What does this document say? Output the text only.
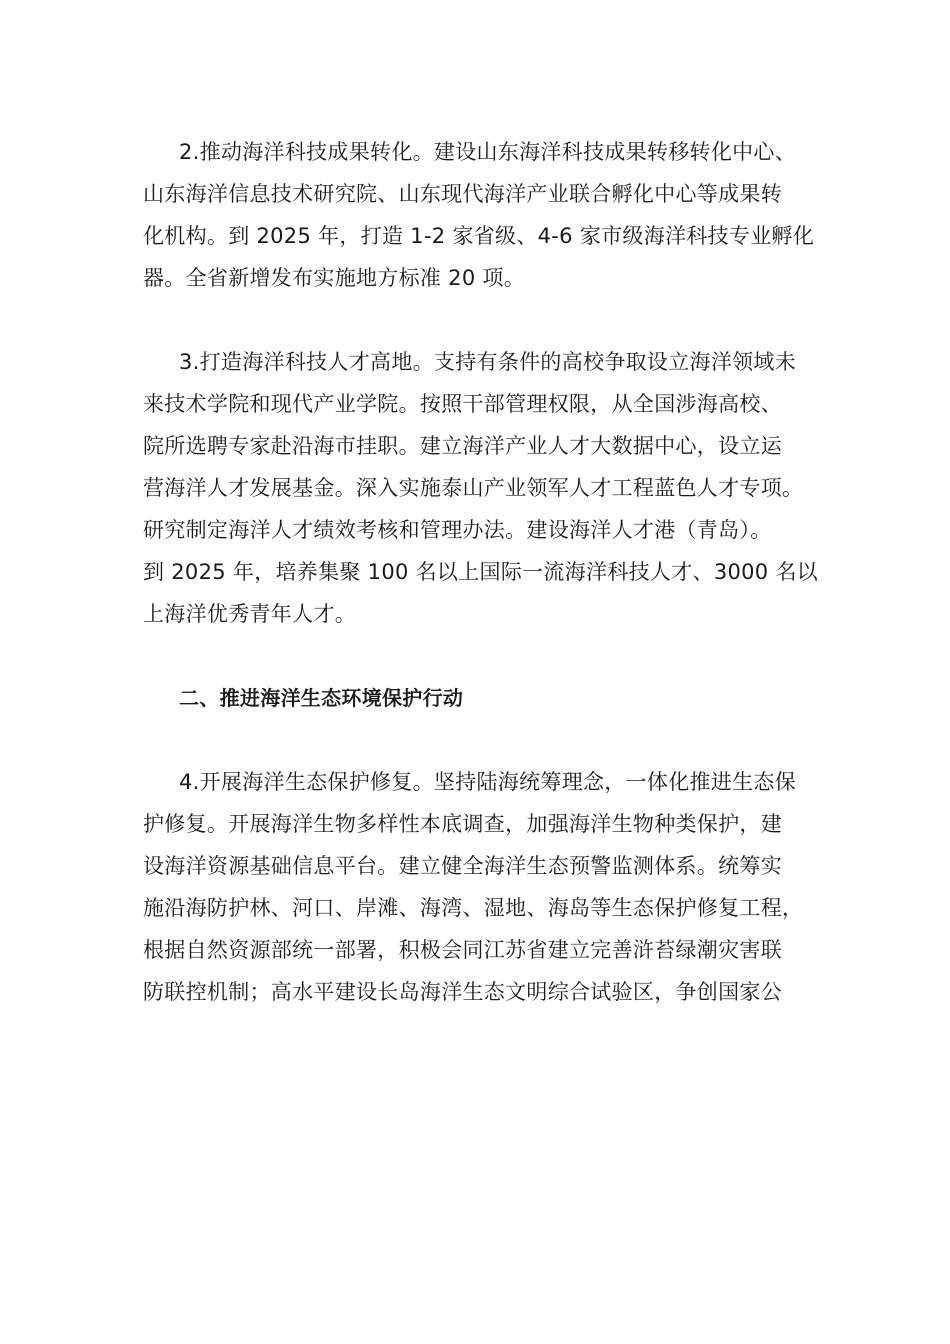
2.推动海洋科技成果转化。建设山东海洋科技成果转移转化中心、
山东海洋信息技术研究院、山东现代海洋产业联合孵化中心等成果转
化机构。到 2025 年，打造 1-2 家省级、4-6 家市级海洋科技专业孵化
器。全省新增发布实施地方标准 20 项。

3.打造海洋科技人才高地。支持有条件的高校争取设立海洋领域未
来技术学院和现代产业学院。按照干部管理权限，从全国涉海高校、
院所选聘专家赴沿海市挂职。建立海洋产业人才大数据中心，设立运
营海洋人才发展基金。深入实施泰山产业领军人才工程蓝色人才专项。
研究制定海洋人才绩效考核和管理办法。建设海洋人才港（青岛）。
到 2025 年，培养集聚 100 名以上国际一流海洋科技人才、3000 名以
上海洋优秀青年人才。

二、推进海洋生态环境保护行动

4.开展海洋生态保护修复。坚持陆海统筹理念，一体化推进生态保
护修复。开展海洋生物多样性本底调查，加强海洋生物种类保护，建
设海洋资源基础信息平台。建立健全海洋生态预警监测体系。统筹实
施沿海防护林、河口、岸滩、海湾、湿地、海岛等生态保护修复工程，
根据自然资源部统一部署，积极会同江苏省建立完善浒苔绿潮灾害联
防联控机制；高水平建设长岛海洋生态文明综合试验区，争创国家公
